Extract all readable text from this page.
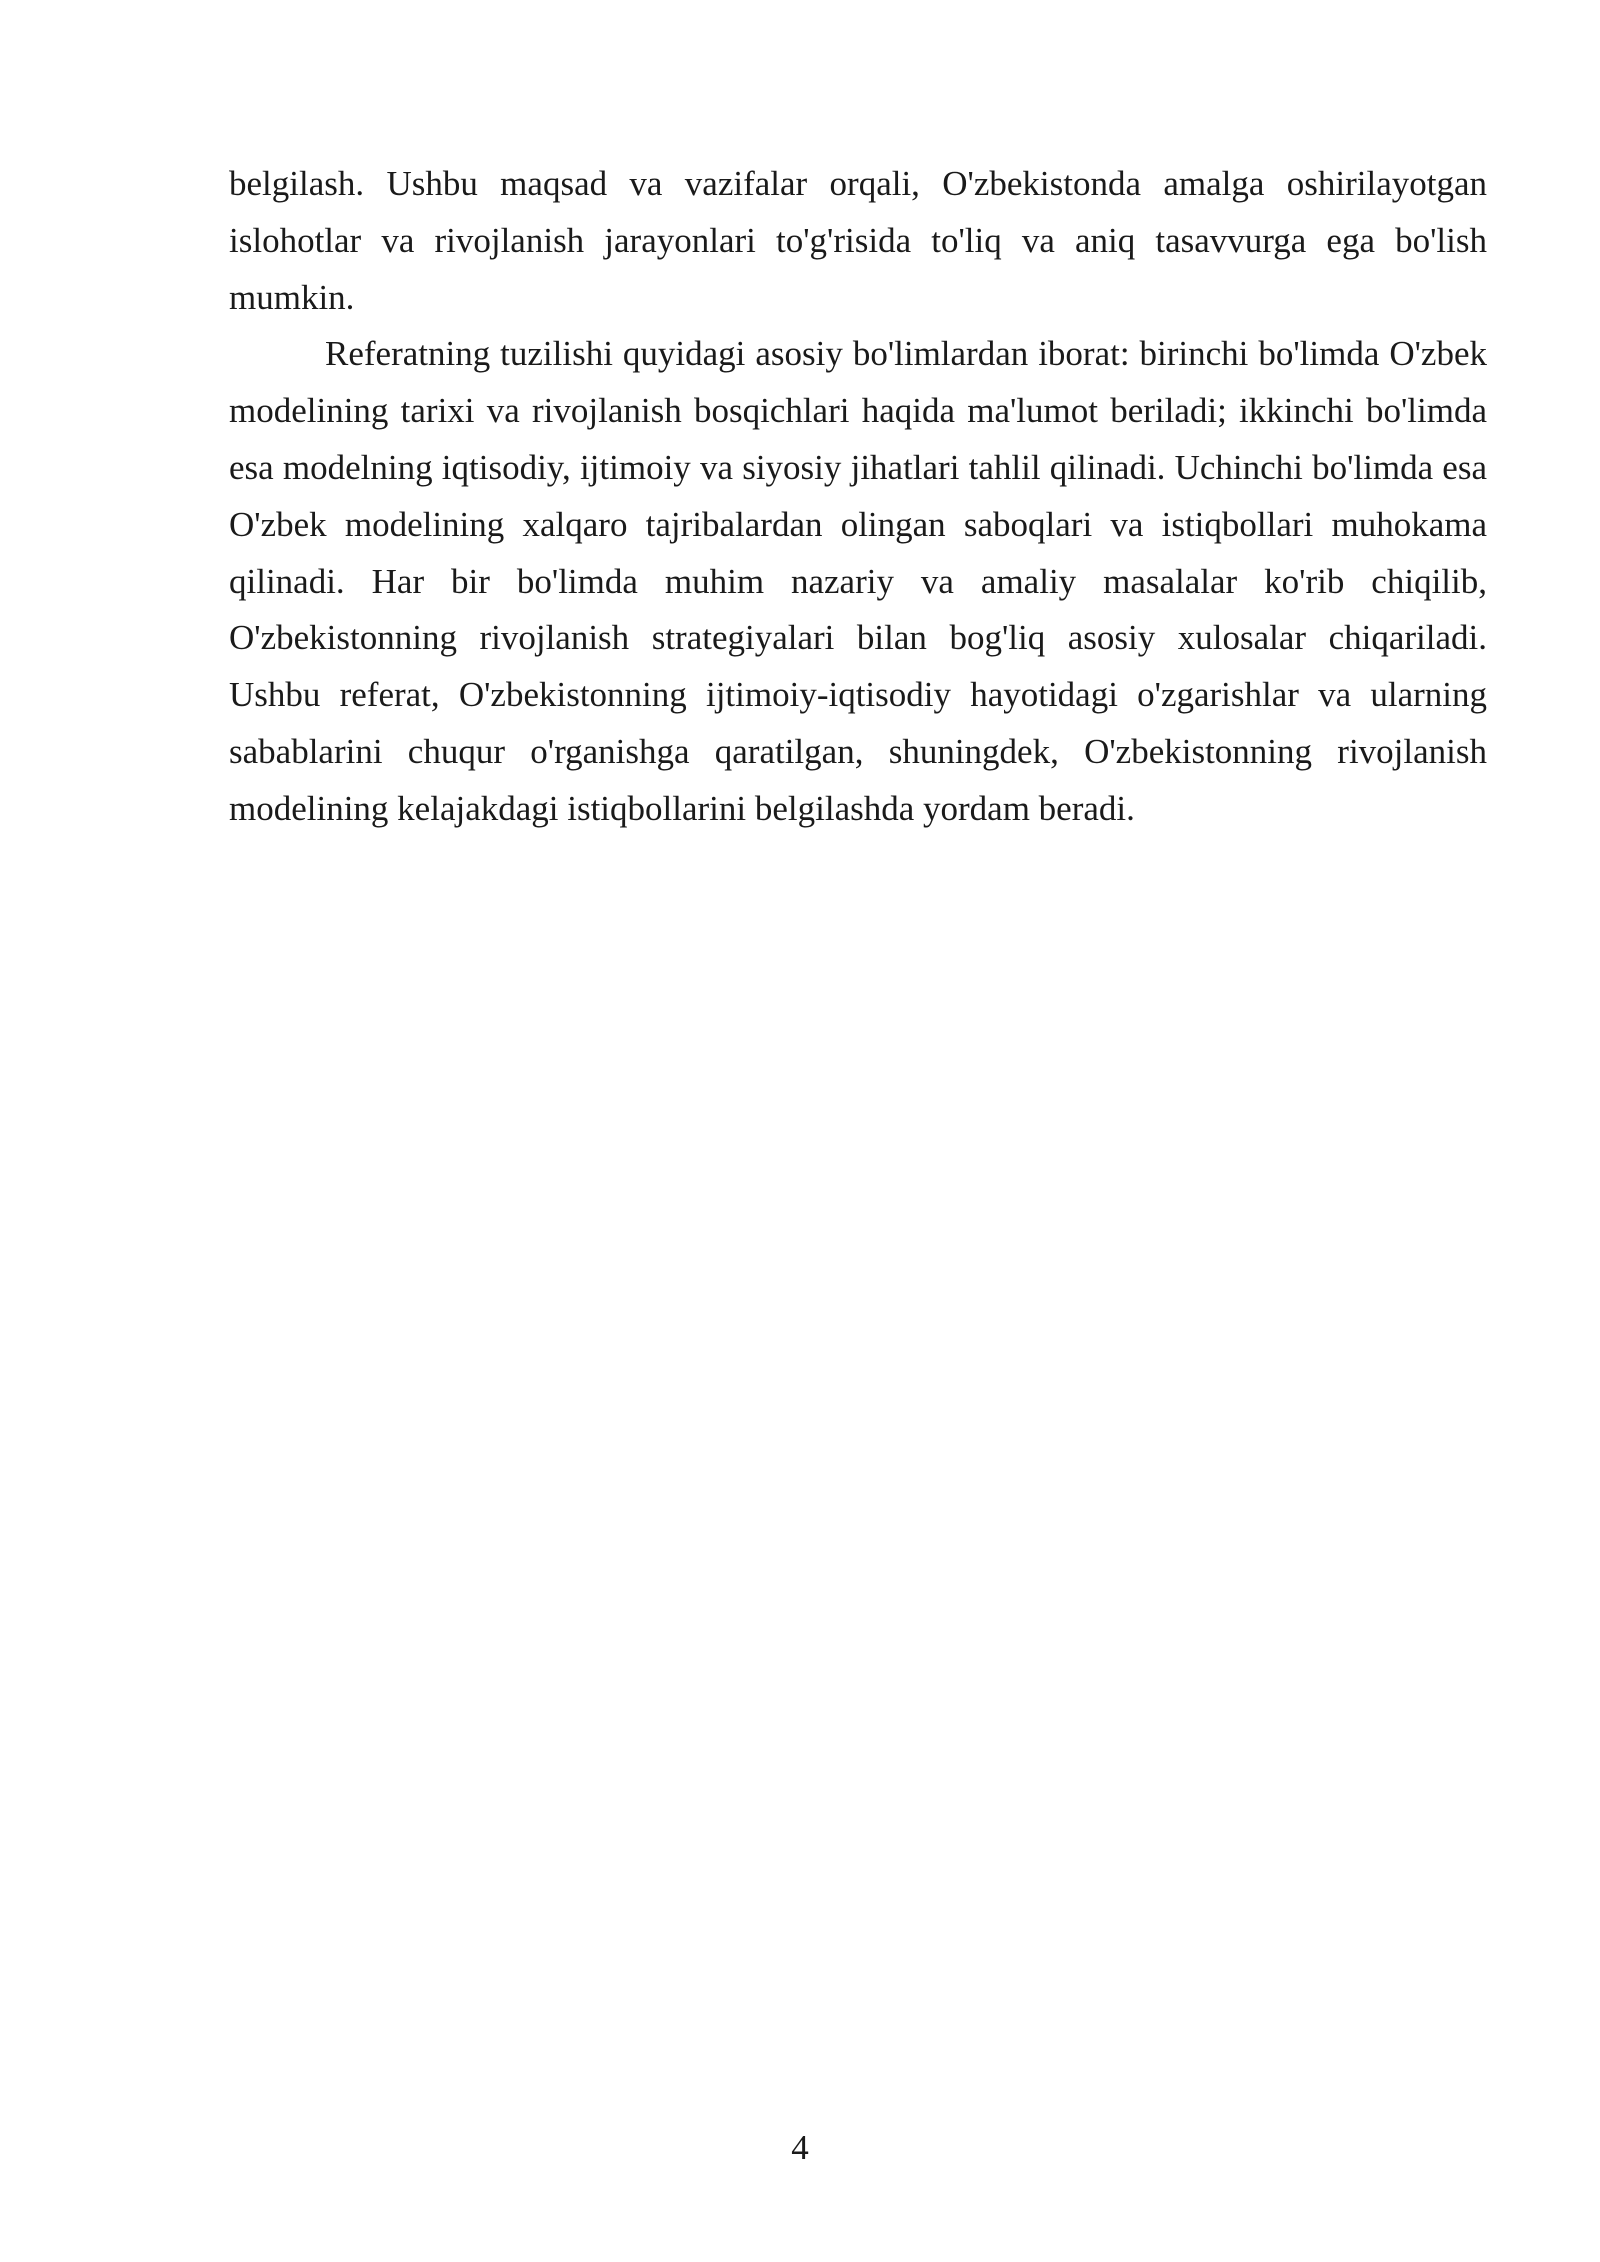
belgilash. Ushbu maqsad va vazifalar orqali, O'zbekistonda amalga oshirilayotgan islohotlar va rivojlanish jarayonlari to'g'risida to'liq va aniq tasavvurga ega bo'lish mumkin.

Referatning tuzilishi quyidagi asosiy bo'limlardan iborat: birinchi bo'limda O'zbek modelining tarixi va rivojlanish bosqichlari haqida ma'lumot beriladi; ikkinchi bo'limda esa modelning iqtisodiy, ijtimoiy va siyosiy jihatlari tahlil qilinadi. Uchinchi bo'limda esa O'zbek modelining xalqaro tajribalardan olingan saboqlari va istiqbollari muhokama qilinadi. Har bir bo'limda muhim nazariy va amaliy masalalar ko'rib chiqilib, O'zbekistonning rivojlanish strategiyalari bilan bog'liq asosiy xulosalar chiqariladi. Ushbu referat, O'zbekistonning ijtimoiy-iqtisodiy hayotidagi o'zgarishlar va ularning sabablarini chuqur o'rganishga qaratilgan, shuningdek, O'zbekistonning rivojlanish modelining kelajakdagi istiqbollarini belgilashda yordam beradi.

4
